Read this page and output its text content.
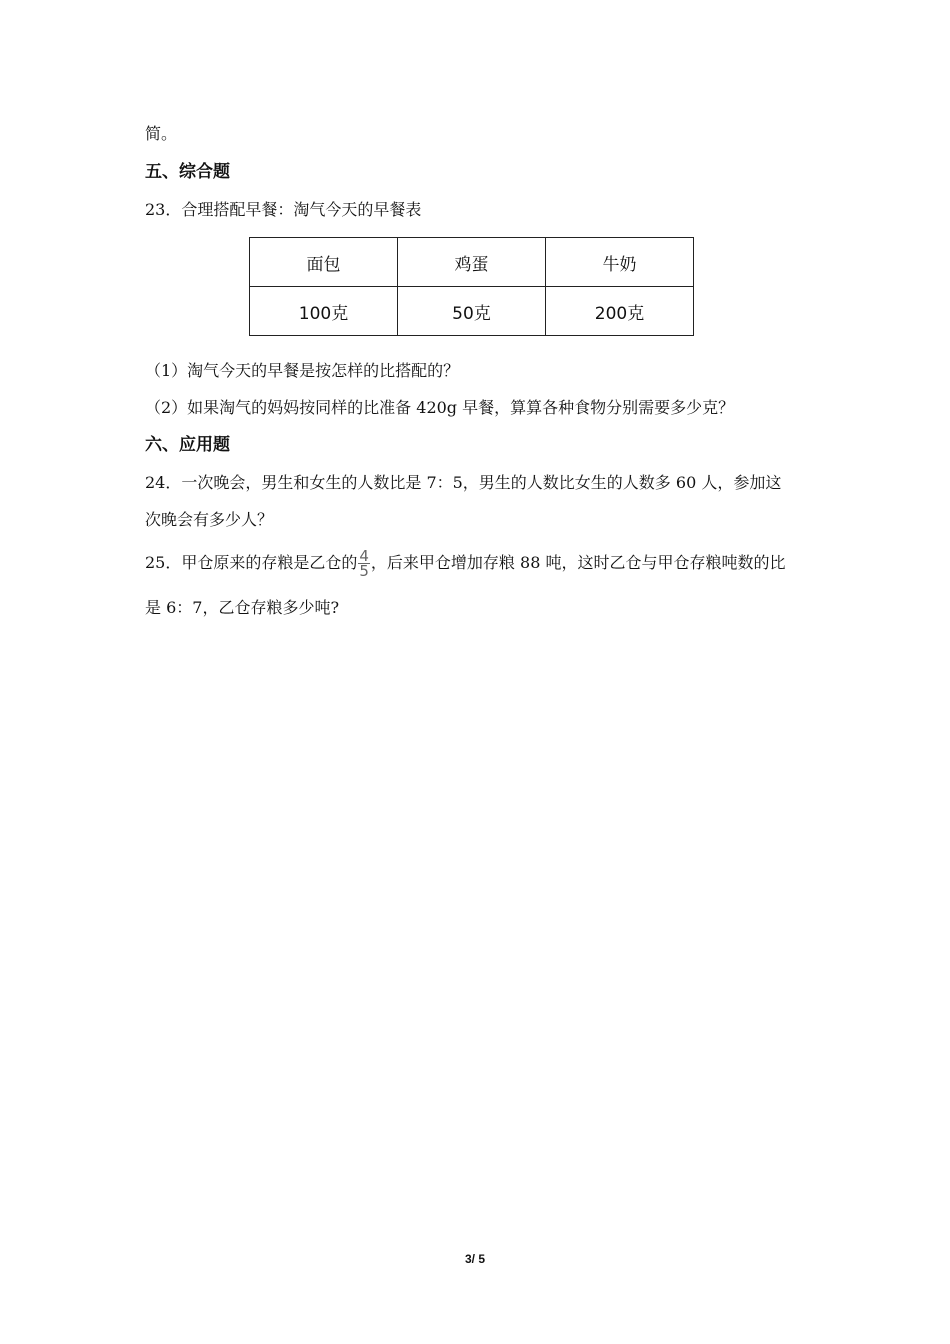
简。
五、综合题
23．合理搭配早餐：淘气今天的早餐表
面包	鸡蛋	牛奶
100克	50克	200克
（1）淘气今天的早餐是按怎样的比搭配的？
（2）如果淘气的妈妈按同样的比准备 420g 早餐，算算各种食物分别需要多少克？
六、应用题
24．一次晚会，男生和女生的人数比是 7：5，男生的人数比女生的人数多 60 人，参加这
次晚会有多少人？
25．甲仓原来的存粮是乙仓的 $\frac{4}{5}$ ，后来甲仓增加存粮 88 吨，这时乙仓与甲仓存粮吨数的比
是 6：7，乙仓存粮多少吨?
3/ 5
